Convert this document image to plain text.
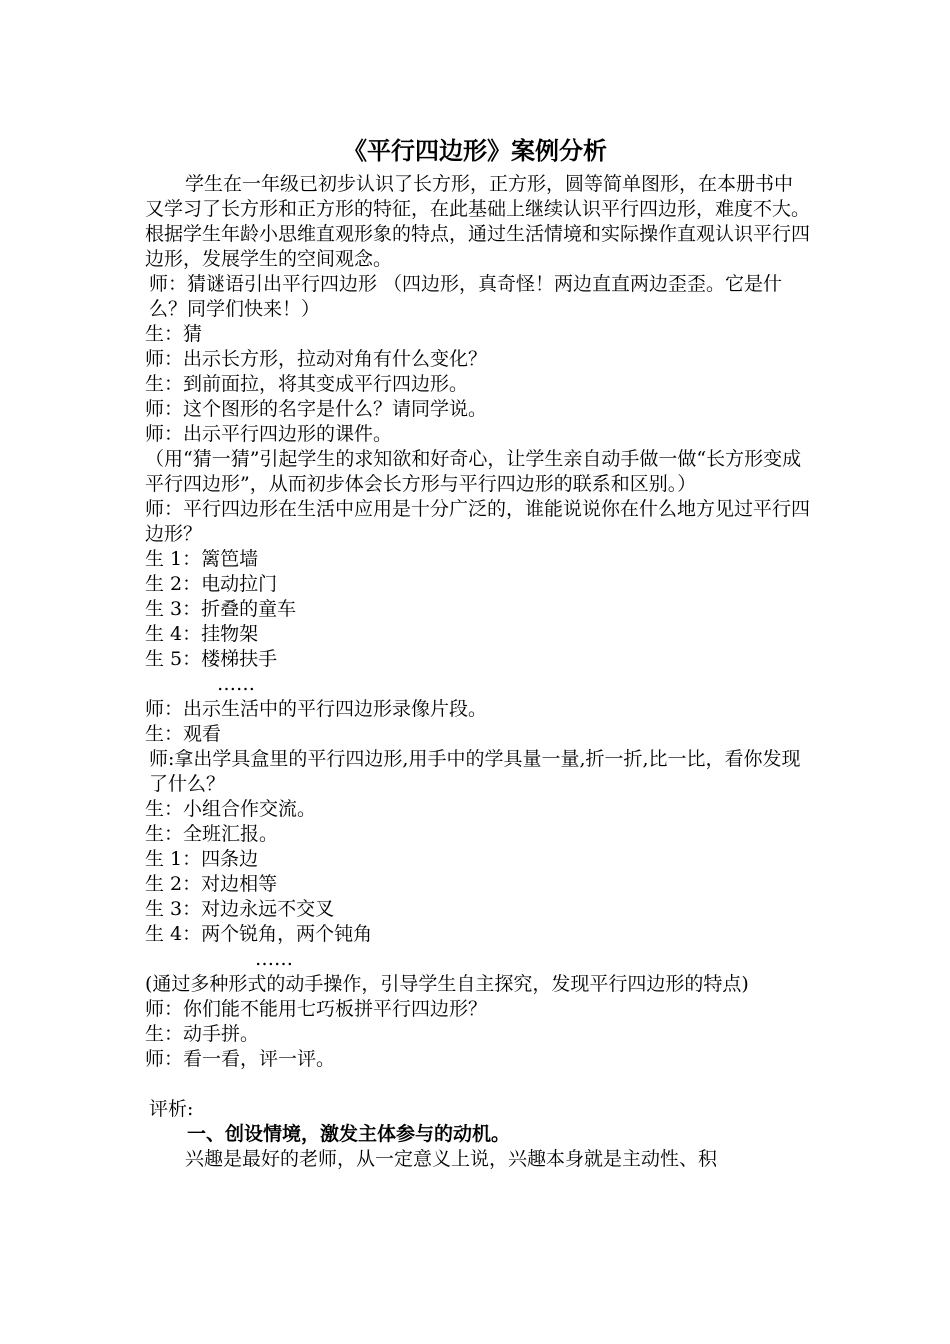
《平行四边形》案例分析

学生在一年级已初步认识了长方形，正方形，圆等简单图形，在本册书中又学习了长方形和正方形的特征，在此基础上继续认识平行四边形，难度不大。根据学生年龄小思维直观形象的特点，通过生活情境和实际操作直观认识平行四边形，发展学生的空间观念。

师：猜谜语引出平行四边形 （四边形，真奇怪！两边直直两边歪歪。它是什么？同学们快来！）

生：猜

师：出示长方形，拉动对角有什么变化？

生：到前面拉，将其变成平行四边形。

师：这个图形的名字是什么？请同学说。

师：出示平行四边形的课件。

（用“猜一猜”引起学生的求知欲和好奇心，让学生亲自动手做一做“长方形变成平行四边形”，从而初步体会长方形与平行四边形的联系和区别。）

师：平行四边形在生活中应用是十分广泛的，谁能说说你在什么地方见过平行四边形？

生 1：篱笆墙

生 2：电动拉门

生 3：折叠的童车

生 4：挂物架

生 5：楼梯扶手

……

师：出示生活中的平行四边形录像片段。

生：观看

师:拿出学具盒里的平行四边形,用手中的学具量一量,折一折,比一比，看你发现了什么？

生：小组合作交流。

生：全班汇报。

生 1：四条边

生 2：对边相等

生 3：对边永远不交叉

生 4：两个锐角，两个钝角

……

(通过多种形式的动手操作，引导学生自主探究，发现平行四边形的特点)

师：你们能不能用七巧板拼平行四边形？

生：动手拼。

师：看一看，评一评。

评析:

一、创设情境，激发主体参与的动机。

兴趣是最好的老师，从一定意义上说，兴趣本身就是主动性、积
